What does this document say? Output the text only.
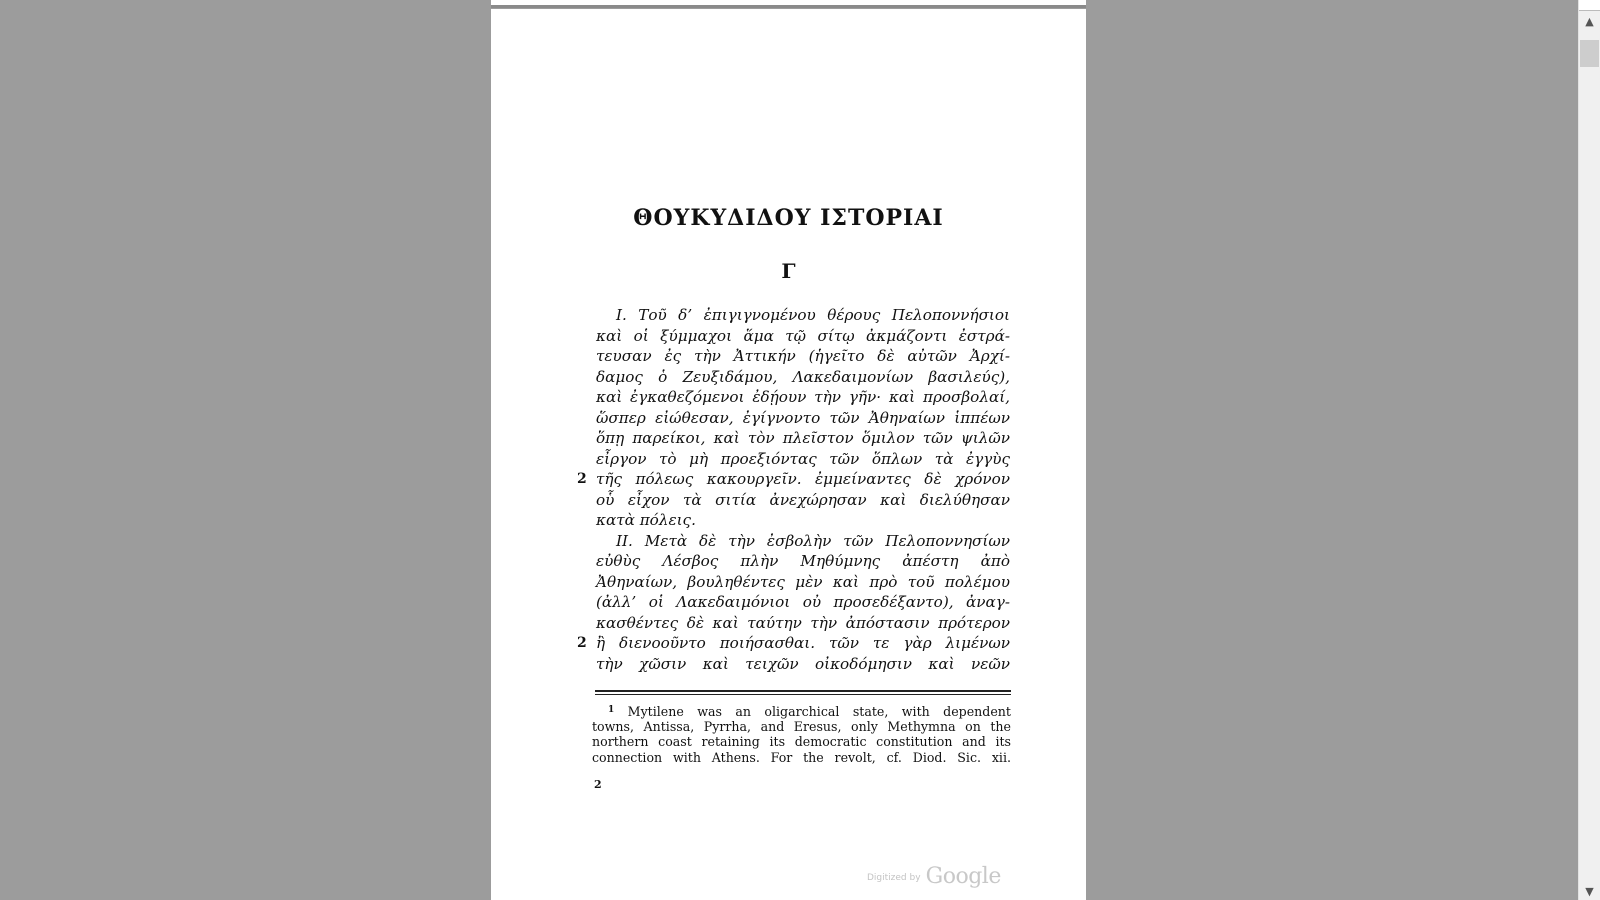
ΘΟΥΚΥΔΙΔΟΥ ΙΣΤΟΡΙΑΙ
Γ
I. Τοῦ δ’ ἐπιγιγνομένου θέρους Πελοποννήσιοι
καὶ οἱ ξύμμαχοι ἅμα τῷ σίτῳ ἀκμάζοντι ἐστρά-
τευσαν ἐς τὴν Ἀττικήν (ἡγεῖτο δὲ αὐτῶν Ἀρχί-
δαμος ὁ Ζευξιδάμου, Λακεδαιμονίων βασιλεύς),
καὶ ἐγκαθεζόμενοι ἐδῄουν τὴν γῆν· καὶ προσβολαί,
ὥσπερ εἰώθεσαν, ἐγίγνοντο τῶν Ἀθηναίων ἱππέων
ὅπῃ παρείκοι, καὶ τὸν πλεῖστον ὅμιλον τῶν ψιλῶν
εἶργον τὸ μὴ προεξιόντας τῶν ὅπλων τὰ ἐγγὺς
2 τῆς πόλεως κακουργεῖν. ἐμμείναντες δὲ χρόνον
οὗ εἶχον τὰ σιτία ἀνεχώρησαν καὶ διελύθησαν
κατὰ πόλεις.
II. Μετὰ δὲ τὴν ἐσβολὴν τῶν Πελοποννησίων
εὐθὺς Λέσβος πλὴν Μηθύμνης ἀπέστη ἀπὸ
Ἀθηναίων, βουληθέντες μὲν καὶ πρὸ τοῦ πολέμου
(ἀλλ’ οἱ Λακεδαιμόνιοι οὐ προσεδέξαντο), ἀναγ-
κασθέντες δὲ καὶ ταύτην τὴν ἀπόστασιν πρότερον
2 ἢ διενοοῦντο ποιήσασθαι. τῶν τε γὰρ λιμένων
τὴν χῶσιν καὶ τειχῶν οἰκοδόμησιν καὶ νεῶν
$^1$ Mytilene was an oligarchical state, with dependent
towns, Antissa, Pyrrha, and Eresus, only Methymna on the
northern coast retaining its democratic constitution and its
connection with Athens. For the revolt, cf. Diod. Sic. xii.
2
Digitized by Google
▲
▼
